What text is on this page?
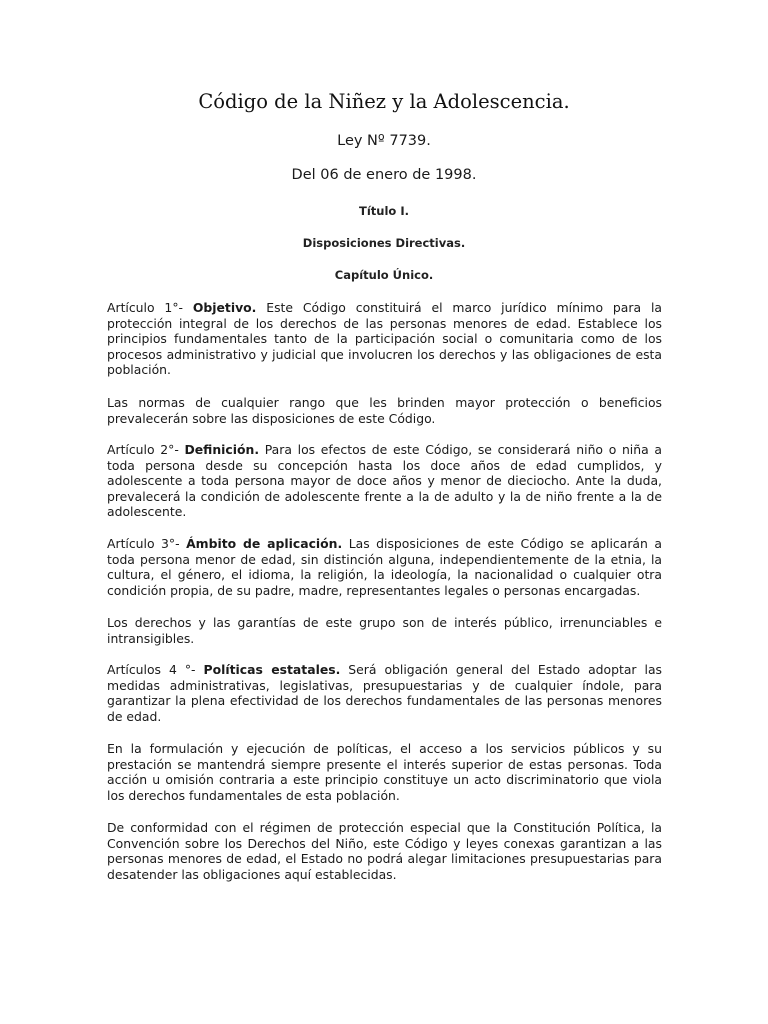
Código de la Niñez y la Adolescencia.

Ley Nº 7739.

Del 06 de enero de 1998.

Título I.

Disposiciones Directivas.

Capítulo Único.

Artículo 1°- Objetivo. Este Código constituirá el marco jurídico mínimo para la protección integral de los derechos de las personas menores de edad. Establece los principios fundamentales tanto de la participación social o comunitaria como de los procesos administrativo y judicial que involucren los derechos y las obligaciones de esta población.

Las normas de cualquier rango que les brinden mayor protección o beneficios prevalecerán sobre las disposiciones de este Código.

Artículo 2°- Definición. Para los efectos de este Código, se considerará niño o niña a toda persona desde su concepción hasta los doce años de edad cumplidos, y adolescente a toda persona mayor de doce años y menor de dieciocho. Ante la duda, prevalecerá la condición de adolescente frente a la de adulto y la de niño frente a la de adolescente.

Artículo 3°- Ámbito de aplicación. Las disposiciones de este Código se aplicarán a toda persona menor de edad, sin distinción alguna, independientemente de la etnia, la cultura, el género, el idioma, la religión, la ideología, la nacionalidad o cualquier otra condición propia, de su padre, madre, representantes legales o personas encargadas.

Los derechos y las garantías de este grupo son de interés público, irrenunciables e intransigibles.

Artículos 4 °- Políticas estatales. Será obligación general del Estado adoptar las medidas administrativas, legislativas, presupuestarias y de cualquier índole, para garantizar la plena efectividad de los derechos fundamentales de las personas menores de edad.

En la formulación y ejecución de políticas, el acceso a los servicios públicos y su prestación se mantendrá siempre presente el interés superior de estas personas. Toda acción u omisión contraria a este principio constituye un acto discriminatorio que viola los derechos fundamentales de esta población.

De conformidad con el régimen de protección especial que la Constitución Política, la Convención sobre los Derechos del Niño, este Código y leyes conexas garantizan a las personas menores de edad, el Estado no podrá alegar limitaciones presupuestarias para desatender las obligaciones aquí establecidas.
